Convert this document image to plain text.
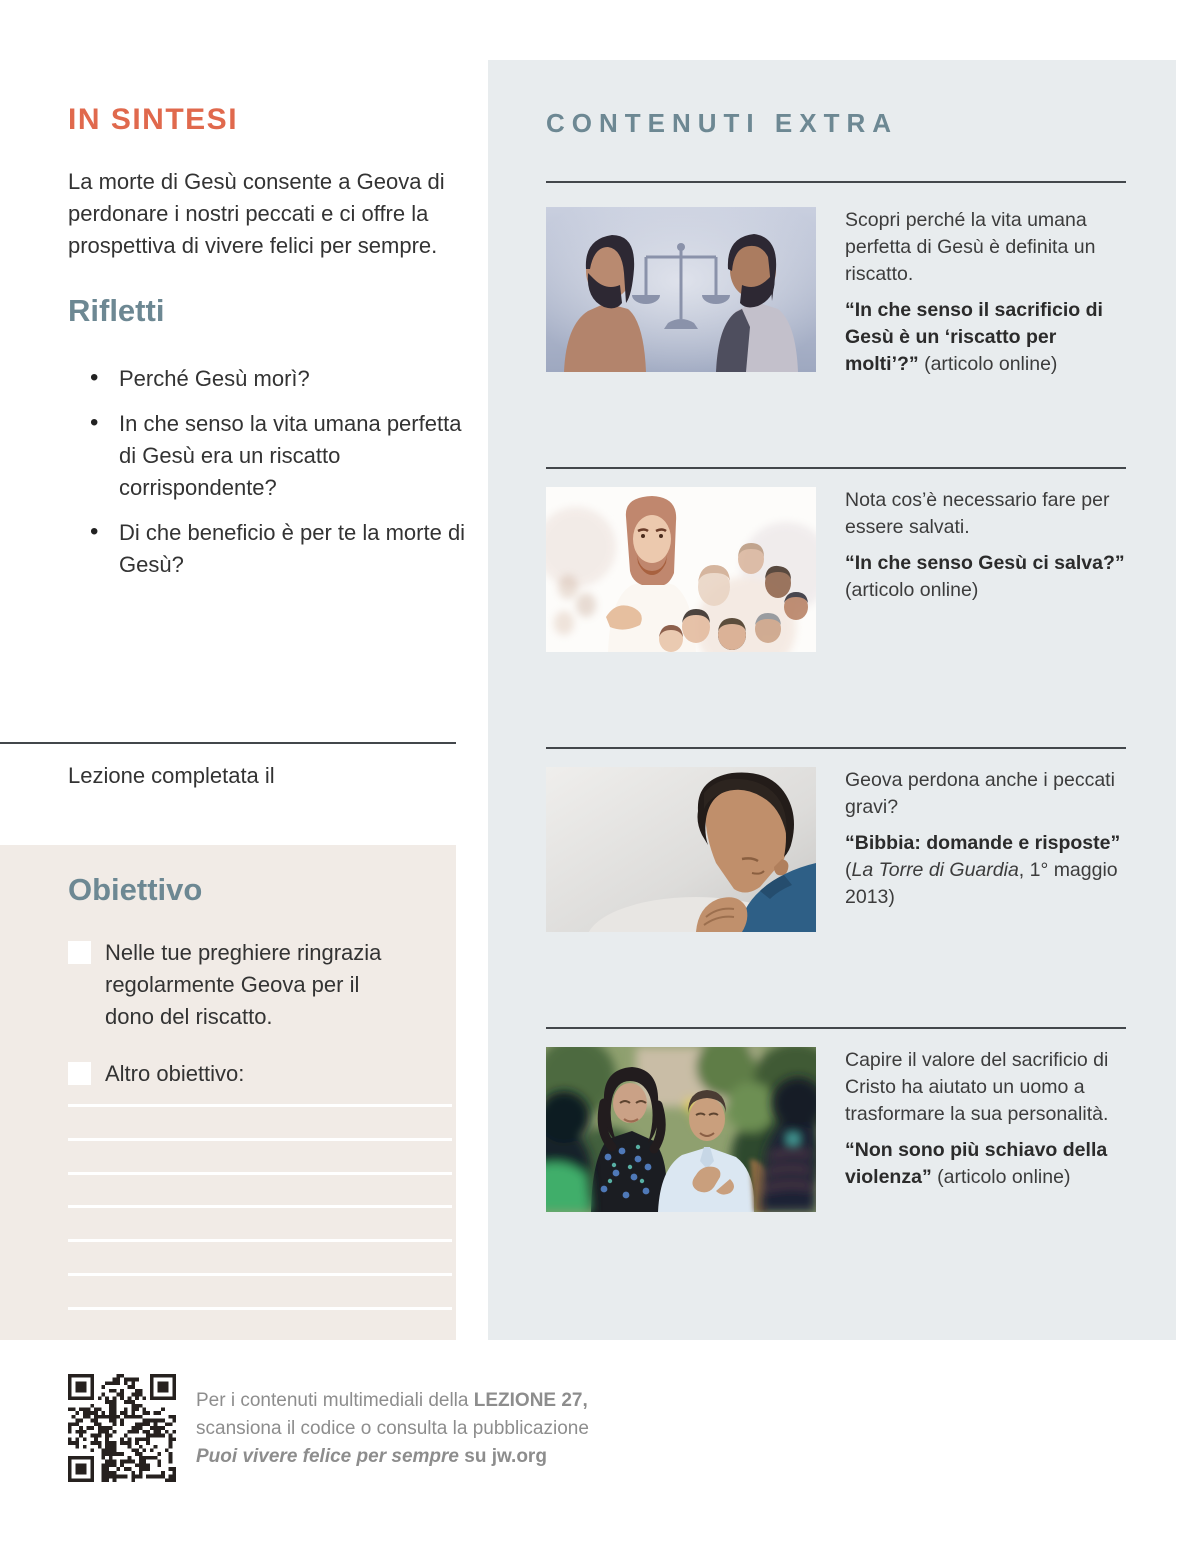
IN SINTESI
La morte di Gesù consente a Geova di perdonare i nostri peccati e ci offre la prospettiva di vivere felici per sempre.
Rifletti
• Perché Gesù morì?
• In che senso la vita umana perfetta di Gesù era un riscatto corrispondente?
• Di che beneficio è per te la morte di Gesù?
Lezione completata il
Obiettivo
Nelle tue preghiere ringrazia regolarmente Geova per il dono del riscatto.
Altro obiettivo:
CONTENUTI EXTRA
Scopri perché la vita umana perfetta di Gesù è definita un riscatto.
“In che senso il sacrificio di Gesù è un ‘riscatto per molti’?” (articolo online)
Nota cos’è necessario fare per essere salvati.
“In che senso Gesù ci salva?” (articolo online)
Geova perdona anche i peccati gravi?
“Bibbia: domande e risposte” (La Torre di Guardia, 1° maggio 2013)
Capire il valore del sacrificio di Cristo ha aiutato un uomo a trasformare la sua personalità.
“Non sono più schiavo della violenza” (articolo online)
Per i contenuti multimediali della LEZIONE 27,
scansiona il codice o consulta la pubblicazione
Puoi vivere felice per sempre su jw.org
